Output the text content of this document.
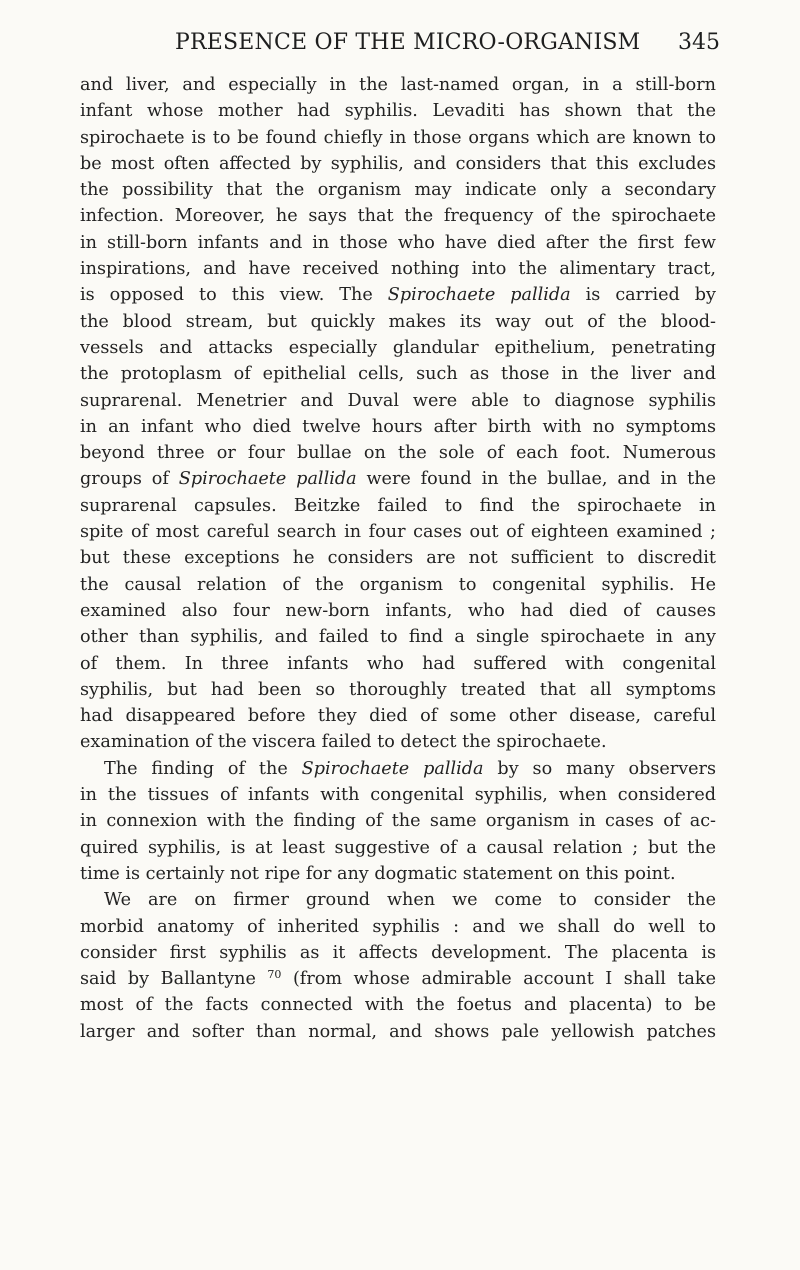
PRESENCE OF THE MICRO-ORGANISM 345
and liver, and especially in the last-named organ, in a still-born
infant whose mother had syphilis. Levaditi has shown that the
spirochaete is to be found chiefly in those organs which are known to
be most often affected by syphilis, and considers that this excludes
the possibility that the organism may indicate only a secondary
infection. Moreover, he says that the frequency of the spirochaete
in still-born infants and in those who have died after the first few
inspirations, and have received nothing into the alimentary tract,
is opposed to this view. The Spirochaete pallida is carried by
the blood stream, but quickly makes its way out of the blood-
vessels and attacks especially glandular epithelium, penetrating
the protoplasm of epithelial cells, such as those in the liver and
suprarenal. Menetrier and Duval were able to diagnose syphilis
in an infant who died twelve hours after birth with no symptoms
beyond three or four bullae on the sole of each foot. Numerous
groups of Spirochaete pallida were found in the bullae, and in the
suprarenal capsules. Beitzke failed to find the spirochaete in
spite of most careful search in four cases out of eighteen examined ;
but these exceptions he considers are not sufficient to discredit
the causal relation of the organism to congenital syphilis. He
examined also four new-born infants, who had died of causes
other than syphilis, and failed to find a single spirochaete in any
of them. In three infants who had suffered with congenital
syphilis, but had been so thoroughly treated that all symptoms
had disappeared before they died of some other disease, careful
examination of the viscera failed to detect the spirochaete.
The finding of the Spirochaete pallida by so many observers
in the tissues of infants with congenital syphilis, when considered
in connexion with the finding of the same organism in cases of ac-
quired syphilis, is at least suggestive of a causal relation ; but the
time is certainly not ripe for any dogmatic statement on this point.
We are on firmer ground when we come to consider the
morbid anatomy of inherited syphilis : and we shall do well to
consider first syphilis as it affects development. The placenta is
said by Ballantyne $^{70}$ (from whose admirable account I shall take
most of the facts connected with the foetus and placenta) to be
larger and softer than normal, and shows pale yellowish patches
